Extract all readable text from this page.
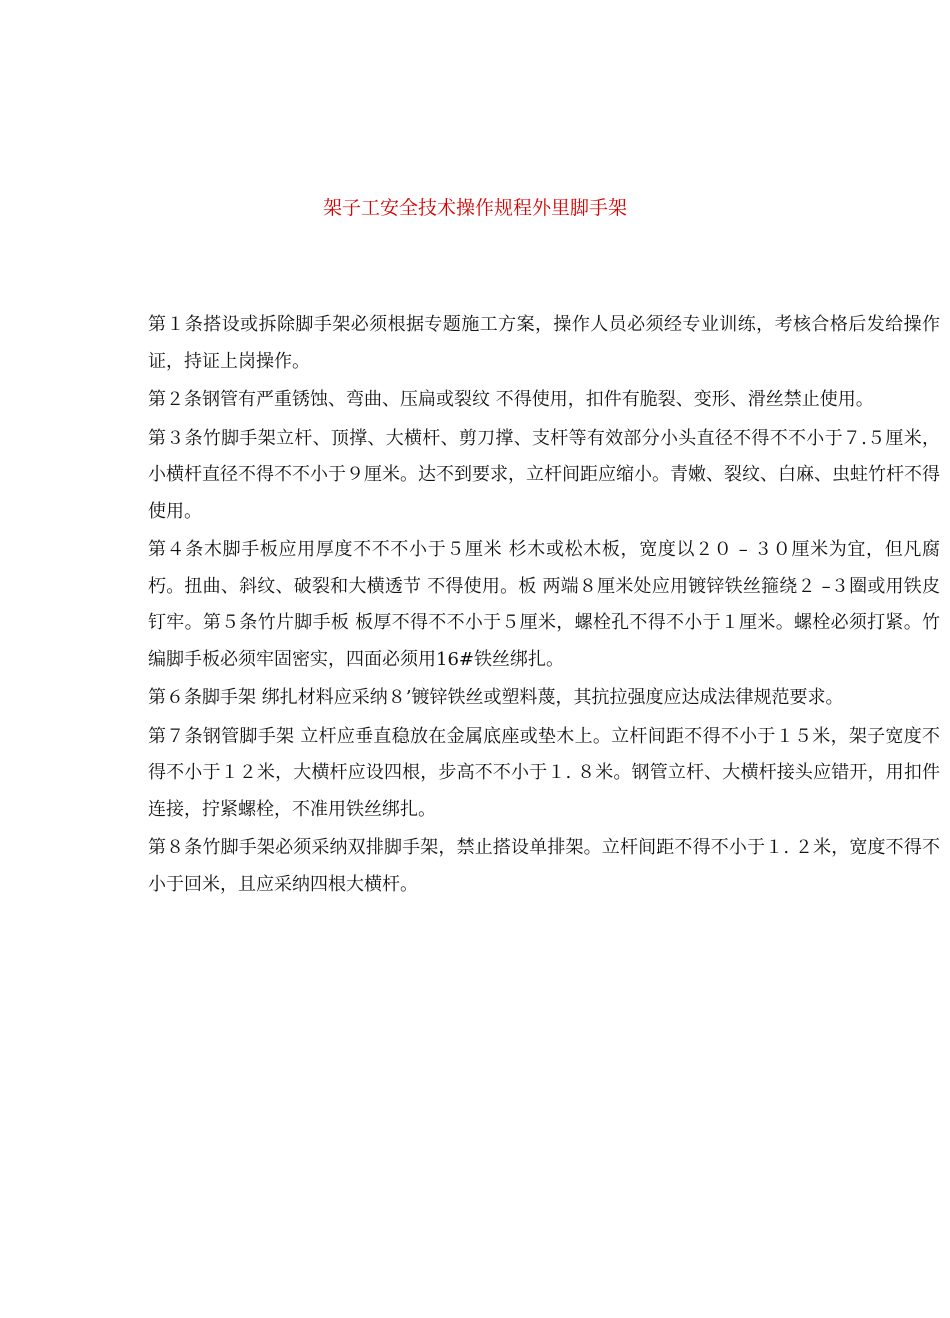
架子工安全技术操作规程外里脚手架

第１条搭设或拆除脚手架必须根据专题施工方案，操作人员必须经专业训练，考核合格后发给操作证，持证上岗操作。

第２条钢管有严重锈蚀、弯曲、压扁或裂纹 不得使用，扣件有脆裂、变形、滑丝禁止使用。

第３条竹脚手架立杆、顶撑、大横杆、剪刀撑、支杆等有效部分小头直径不得不不小于７.５厘米，小横杆直径不得不不小于９厘米。达不到要求，立杆间距应缩小。青嫩、裂纹、白麻、虫蛀竹杆不得使用。

第４条木脚手板应用厚度不不不小于５厘米 杉木或松木板，宽度以２０ – ３０厘米为宜，但凡腐朽。扭曲、斜纹、破裂和大横透节 不得使用。板 两端８厘米处应用镀锌铁丝箍绕２ –３圈或用铁皮钉牢。第５条竹片脚手板 板厚不得不不小于５厘米，螺栓孔不得不小于１厘米。螺栓必须打紧。竹编脚手板必须牢固密实，四面必须用16#铁丝绑扎。

第６条脚手架 绑扎材料应采纳８’镀锌铁丝或塑料蔑，其抗拉强度应达成法律规范要求。

第７条钢管脚手架 立杆应垂直稳放在金属底座或垫木上。立杆间距不得不小于１５米，架子宽度不得不小于１２米，大横杆应设四根，步高不不小于１. ８米。钢管立杆、大横杆接头应错开，用扣件连接，拧紧螺栓，不准用铁丝绑扎。

第８条竹脚手架必须采纳双排脚手架，禁止搭设单排架。立杆间距不得不小于１. ２米，宽度不得不小于回米，且应采纳四根大横杆。
